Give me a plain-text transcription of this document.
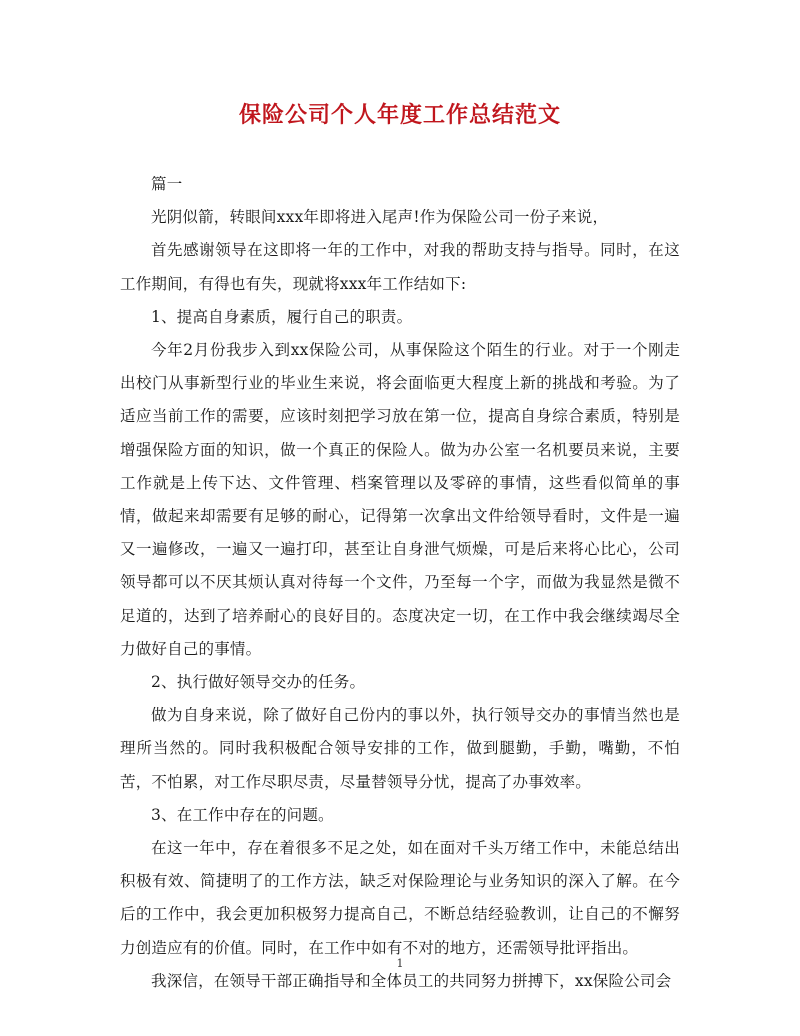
保险公司个人年度工作总结范文

篇一

光阴似箭，转眼间xxx年即将进入尾声!作为保险公司一份子来说，

首先感谢领导在这即将一年的工作中，对我的帮助支持与指导。同时，在这工作期间，有得也有失，现就将xxx年工作结如下:

1、提高自身素质，履行自己的职责。

今年2月份我步入到xx保险公司，从事保险这个陌生的行业。对于一个刚走出校门从事新型行业的毕业生来说，将会面临更大程度上新的挑战和考验。为了适应当前工作的需要，应该时刻把学习放在第一位，提高自身综合素质，特别是增强保险方面的知识，做一个真正的保险人。做为办公室一名机要员来说，主要工作就是上传下达、文件管理、档案管理以及零碎的事情，这些看似简单的事情，做起来却需要有足够的耐心，记得第一次拿出文件给领导看时，文件是一遍又一遍修改，一遍又一遍打印，甚至让自身泄气烦燥，可是后来将心比心，公司领导都可以不厌其烦认真对待每一个文件，乃至每一个字，而做为我显然是微不足道的，达到了培养耐心的良好目的。态度决定一切，在工作中我会继续竭尽全力做好自己的事情。

2、执行做好领导交办的任务。

做为自身来说，除了做好自己份内的事以外，执行领导交办的事情当然也是理所当然的。同时我积极配合领导安排的工作，做到腿勤，手勤，嘴勤，不怕苦，不怕累，对工作尽职尽责，尽量替领导分忧，提高了办事效率。

3、在工作中存在的问题。

在这一年中，存在着很多不足之处，如在面对千头万绪工作中，未能总结出积极有效、简捷明了的工作方法，缺乏对保险理论与业务知识的深入了解。在今后的工作中，我会更加积极努力提高自己，不断总结经验教训，让自己的不懈努力创造应有的价值。同时，在工作中如有不对的地方，还需领导批评指出。

我深信，在领导干部正确指导和全体员工的共同努力拼搏下，xx保险公司会

1
